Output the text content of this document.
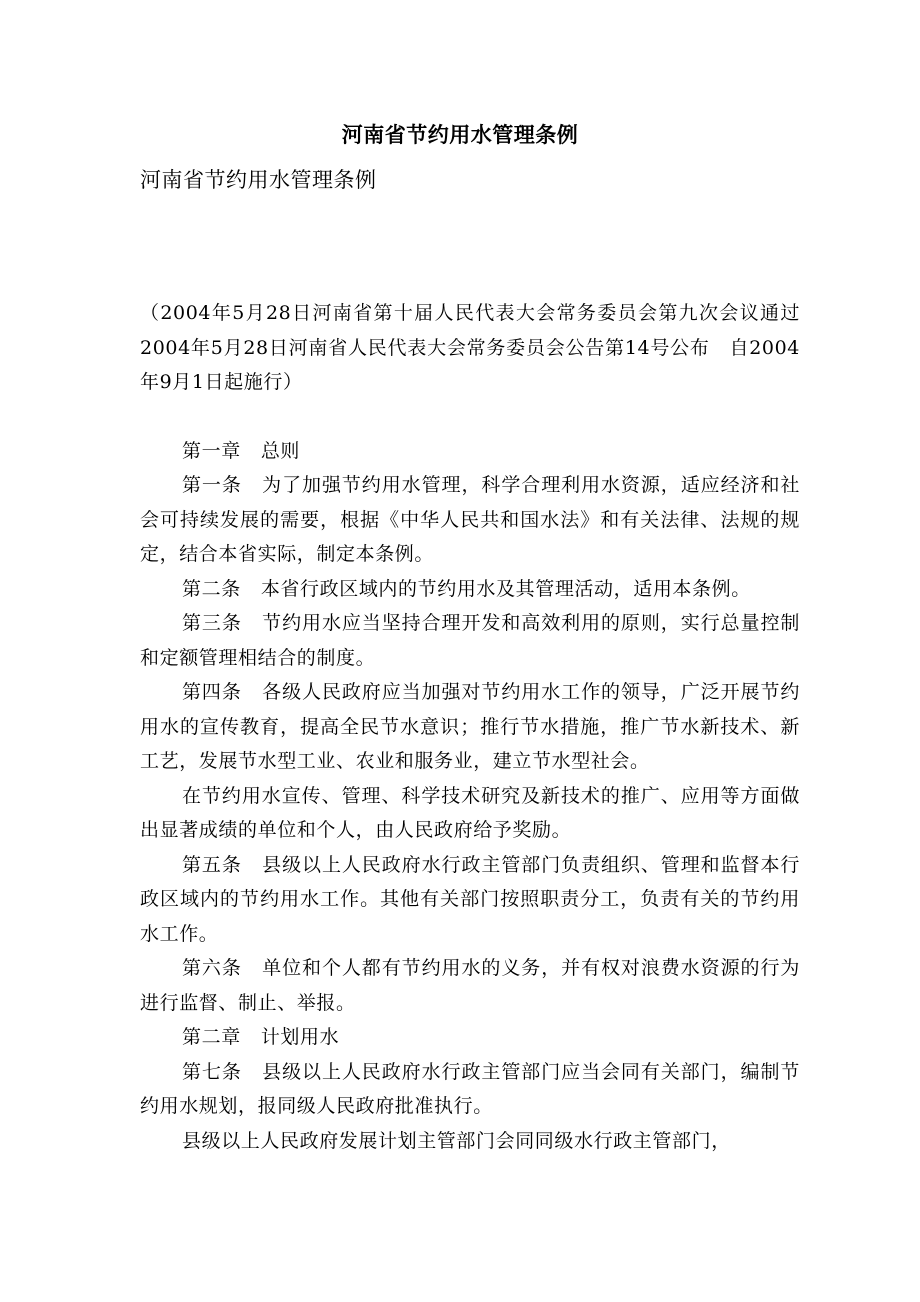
河南省节约用水管理条例

河南省节约用水管理条例

（2004年5月28日河南省第十届人民代表大会常务委员会第九次会议通过　2004年5月28日河南省人民代表大会常务委员会公告第14号公布　自2004年9月1日起施行）

第一章 总则

第一条 为了加强节约用水管理，科学合理利用水资源，适应经济和社会可持续发展的需要，根据《中华人民共和国水法》和有关法律、法规的规定，结合本省实际，制定本条例。

第二条 本省行政区域内的节约用水及其管理活动，适用本条例。

第三条 节约用水应当坚持合理开发和高效利用的原则，实行总量控制和定额管理相结合的制度。

第四条 各级人民政府应当加强对节约用水工作的领导，广泛开展节约用水的宣传教育，提高全民节水意识；推行节水措施，推广节水新技术、新工艺，发展节水型工业、农业和服务业，建立节水型社会。

在节约用水宣传、管理、科学技术研究及新技术的推广、应用等方面做出显著成绩的单位和个人，由人民政府给予奖励。

第五条 县级以上人民政府水行政主管部门负责组织、管理和监督本行政区域内的节约用水工作。其他有关部门按照职责分工，负责有关的节约用水工作。

第六条 单位和个人都有节约用水的义务，并有权对浪费水资源的行为进行监督、制止、举报。

第二章 计划用水

第七条 县级以上人民政府水行政主管部门应当会同有关部门，编制节约用水规划，报同级人民政府批准执行。

县级以上人民政府发展计划主管部门会同同级水行政主管部门，
